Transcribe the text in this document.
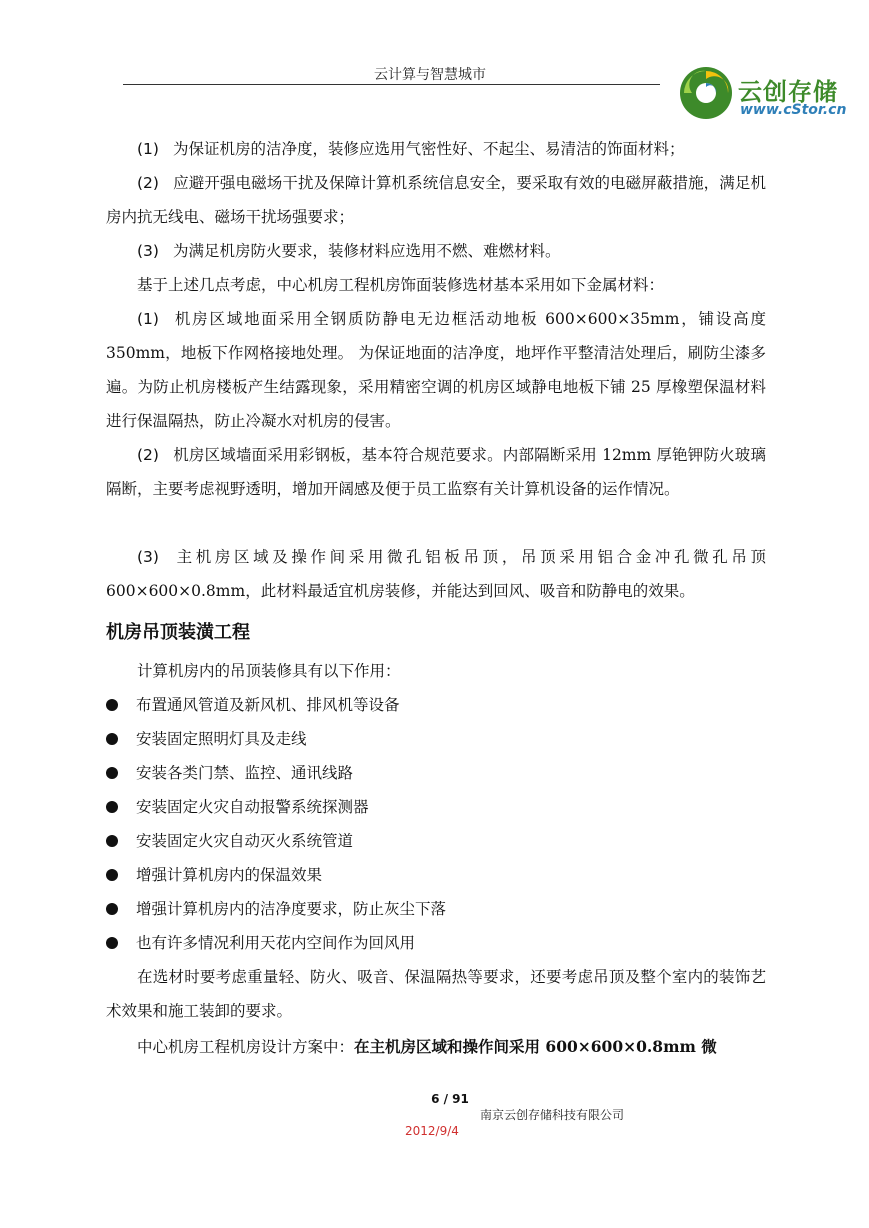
云计算与智慧城市
云创存储
www.cStor.cn

(1) 为保证机房的洁净度，装修应选用气密性好、不起尘、易清洁的饰面材料；

(2) 应避开强电磁场干扰及保障计算机系统信息安全，要采取有效的电磁屏蔽措施，满足机房内抗无线电、磁场干扰场强要求；

(3) 为满足机房防火要求，装修材料应选用不燃、难燃材料。

基于上述几点考虑，中心机房工程机房饰面装修选材基本采用如下金属材料：

(1) 机房区域地面采用全钢质防静电无边框活动地板 600×600×35mm，铺设高度 350mm，地板下作网格接地处理。 为保证地面的洁净度，地坪作平整清洁处理后，刷防尘漆多遍。为防止机房楼板产生结露现象，采用精密空调的机房区域静电地板下铺 25 厚橡塑保温材料进行保温隔热，防止冷凝水对机房的侵害。

(2) 机房区域墙面采用彩钢板，基本符合规范要求。内部隔断采用 12mm 厚铯钾防火玻璃隔断，主要考虑视野透明，增加开阔感及便于员工监察有关计算机设备的运作情况。

(3) 主机房区域及操作间采用微孔铝板吊顶，吊顶采用铝合金冲孔微孔吊顶 600×600×0.8mm，此材料最适宜机房装修，并能达到回风、吸音和防静电的效果。

机房吊顶装潢工程

计算机房内的吊顶装修具有以下作用：

布置通风管道及新风机、排风机等设备
安装固定照明灯具及走线
安装各类门禁、监控、通讯线路
安装固定火灾自动报警系统探测器
安装固定火灾自动灭火系统管道
增强计算机房内的保温效果
增强计算机房内的洁净度要求，防止灰尘下落
也有许多情况利用天花内空间作为回风用

在选材时要考虑重量轻、防火、吸音、保温隔热等要求，还要考虑吊顶及整个室内的装饰艺术效果和施工装卸的要求。

中心机房工程机房设计方案中：在主机房区域和操作间采用 600×600×0.8mm 微

6 / 91
南京云创存储科技有限公司
2012/9/4
